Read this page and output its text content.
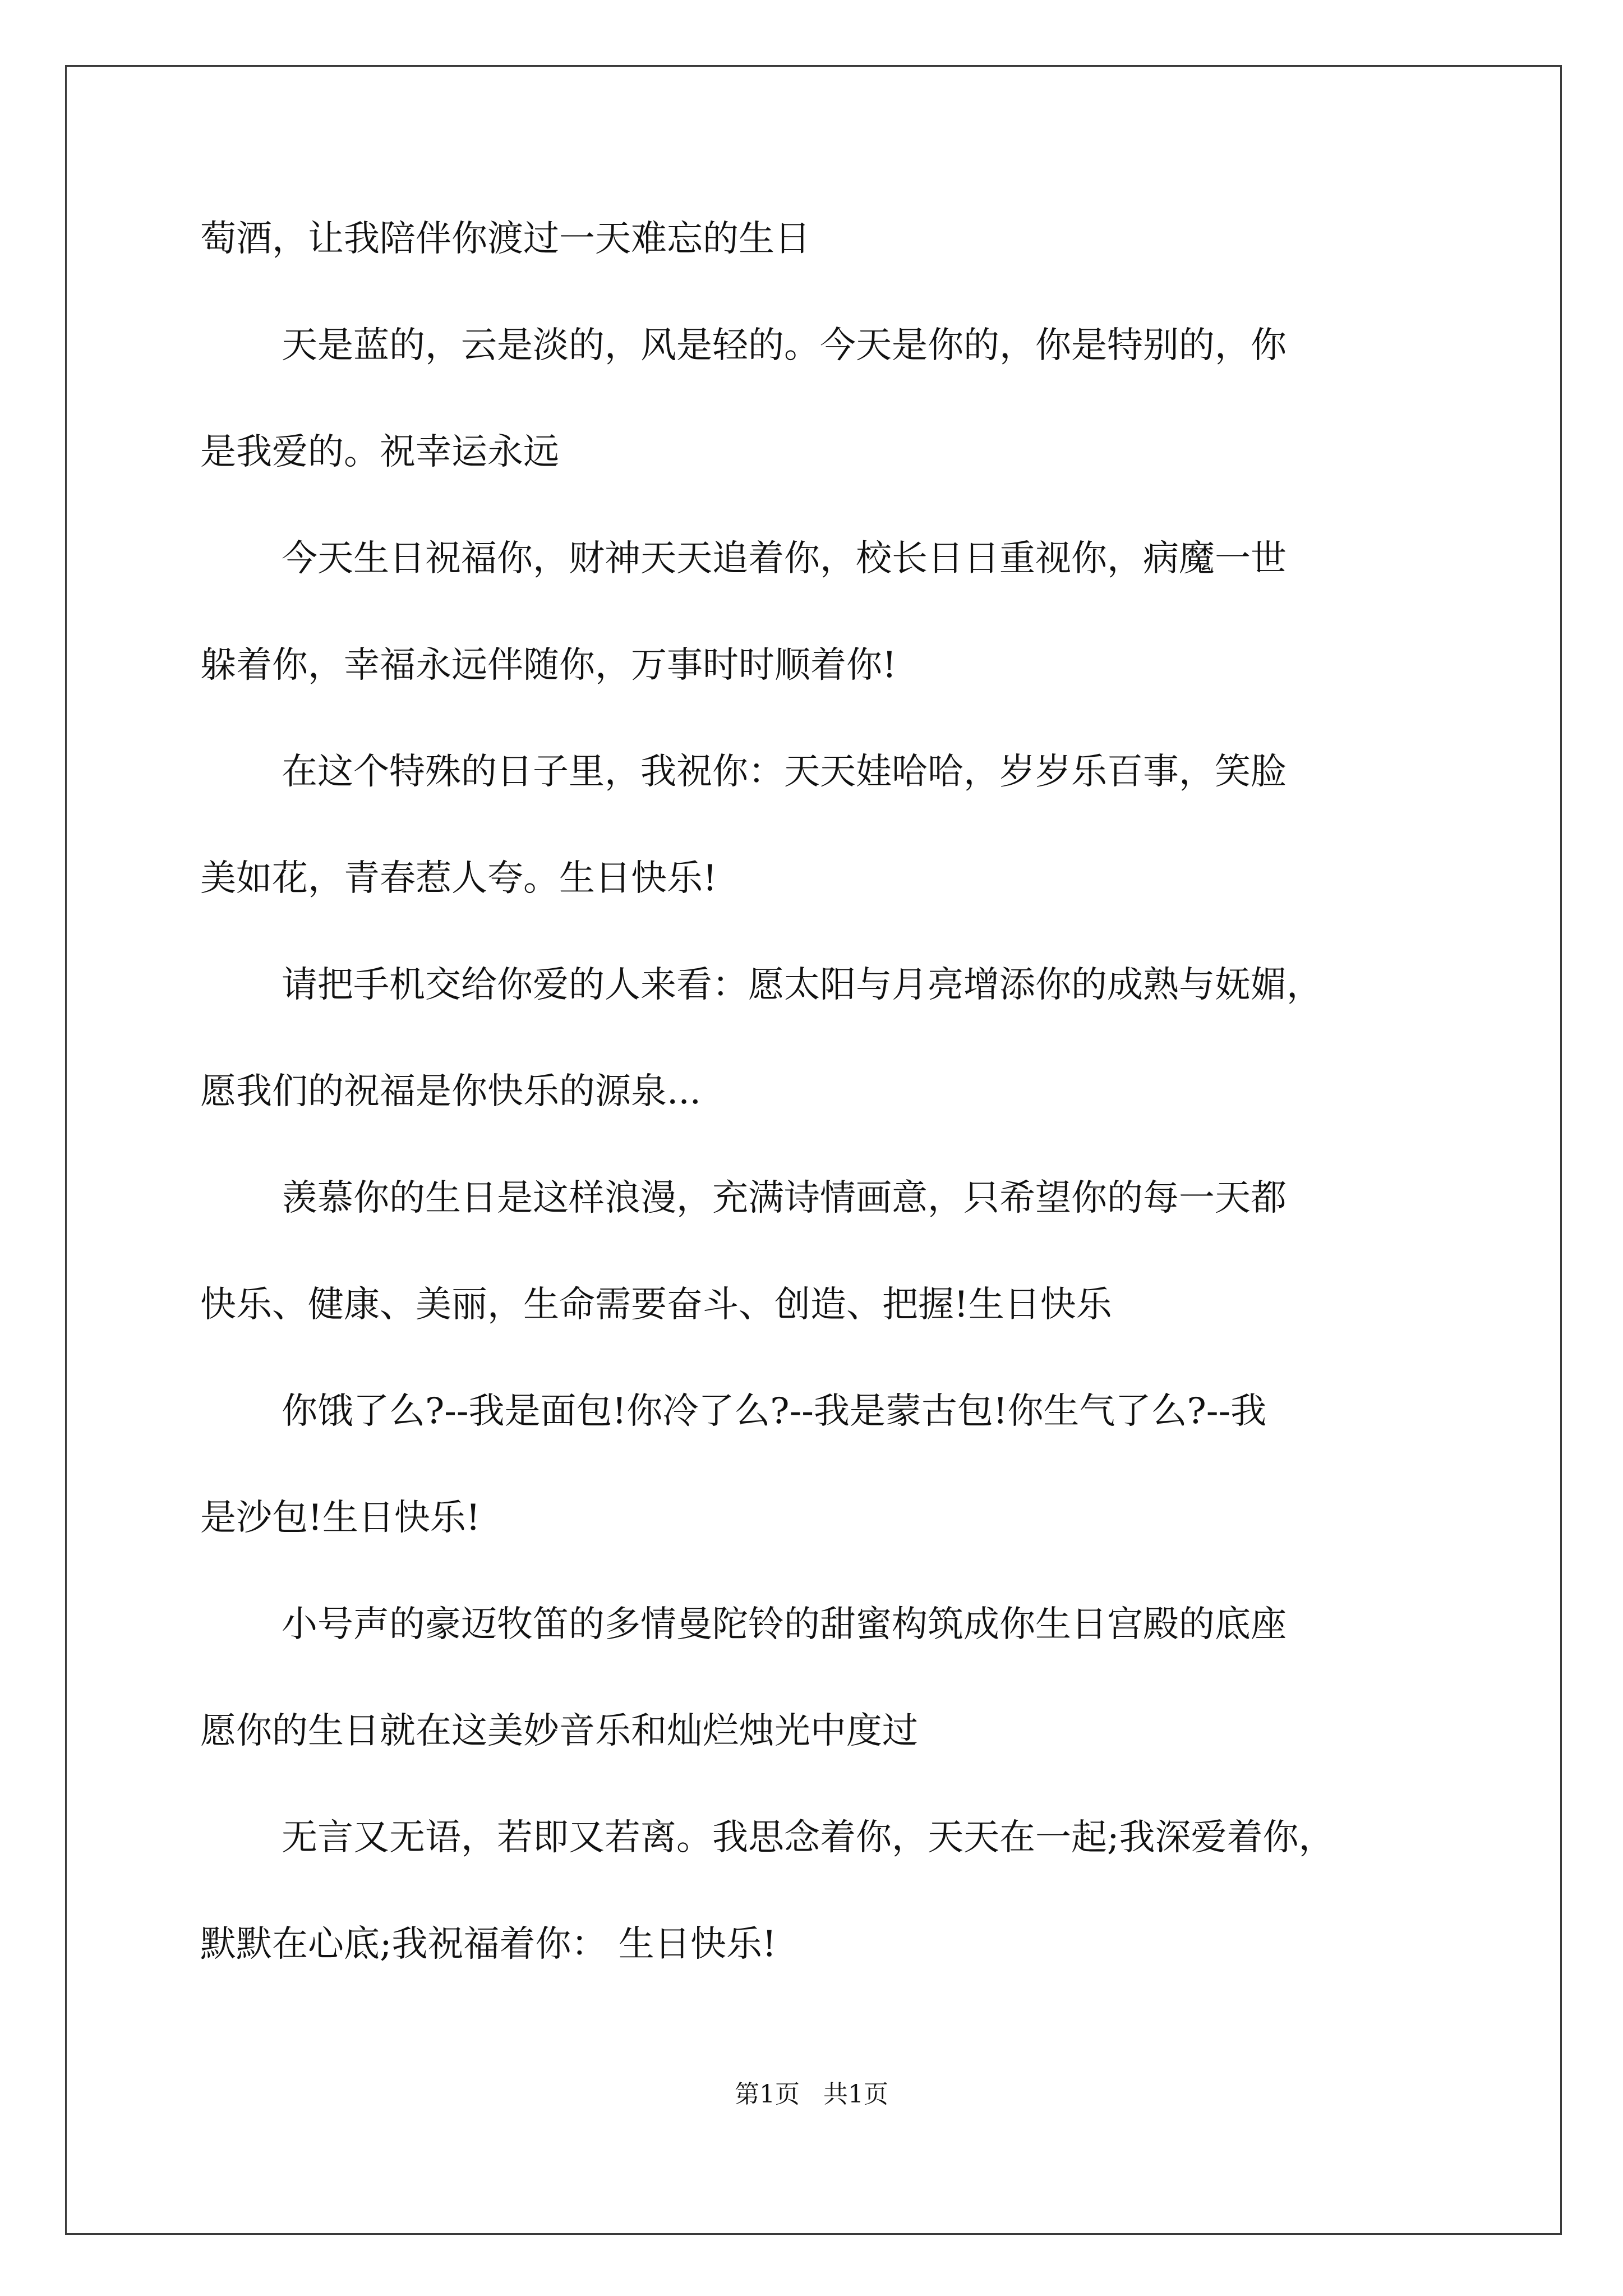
萄酒，让我陪伴你渡过一天难忘的生日

天是蓝的，云是淡的，风是轻的。今天是你的，你是特别的，你

是我爱的。祝幸运永远

今天生日祝福你，财神天天追着你，校长日日重视你，病魔一世

躲着你，幸福永远伴随你，万事时时顺着你!

在这个特殊的日子里，我祝你：天天娃哈哈，岁岁乐百事，笑脸

美如花，青春惹人夸。生日快乐!

请把手机交给你爱的人来看：愿太阳与月亮增添你的成熟与妩媚，

愿我们的祝福是你快乐的源泉...

羡慕你的生日是这样浪漫，充满诗情画意，只希望你的每一天都

快乐、健康、美丽，生命需要奋斗、创造、把握!生日快乐

你饿了么?--我是面包!你冷了么?--我是蒙古包!你生气了么?--我

是沙包!生日快乐!

小号声的豪迈牧笛的多情曼陀铃的甜蜜构筑成你生日宫殿的底座

愿你的生日就在这美妙音乐和灿烂烛光中度过

无言又无语，若即又若离。我思念着你，天天在一起;我深爱着你，

默默在心底;我祝福着你： 生日快乐!

第1页   共1页
